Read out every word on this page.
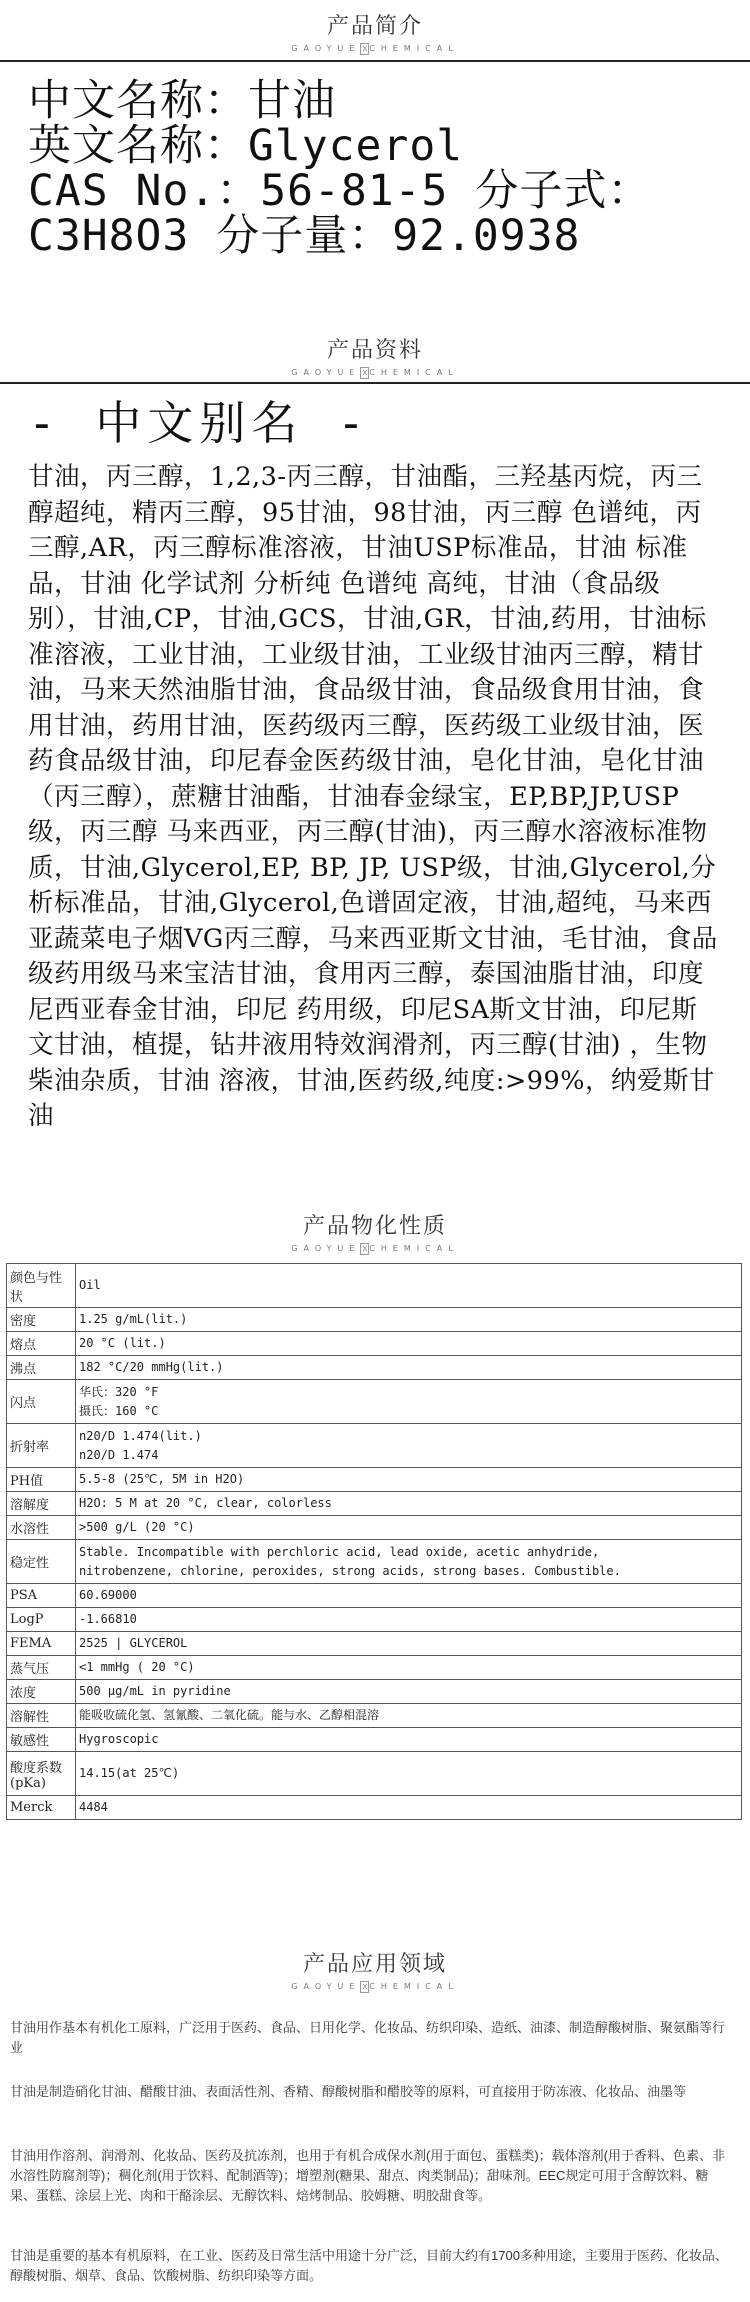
产品简介
GAOYUE X CHEMICAL
中文名称：甘油
英文名称：Glycerol
CAS No.：56-81-5 分子式：
C3H8O3 分子量：92.0938
产品资料
GAOYUE X CHEMICAL
- 中文别名 -
甘油，丙三醇，1,2,3-丙三醇，甘油酯，三羟基丙烷，丙三醇超纯，精丙三醇，95甘油，98甘油，丙三醇 色谱纯，丙三醇,AR，丙三醇标准溶液，甘油USP标准品，甘油 标准品，甘油 化学试剂 分析纯 色谱纯 高纯，甘油（食品级别），甘油,CP，甘油,GCS，甘油,GR，甘油,药用，甘油标准溶液，工业甘油，工业级甘油，工业级甘油丙三醇，精甘油，马来天然油脂甘油，食品级甘油，食品级食用甘油，食用甘油，药用甘油，医药级丙三醇，医药级工业级甘油，医药食品级甘油，印尼春金医药级甘油，皂化甘油，皂化甘油（丙三醇），蔗糖甘油酯，甘油春金绿宝，EP,BP,JP,USP级，丙三醇 马来西亚，丙三醇(甘油)，丙三醇水溶液标准物质，甘油,Glycerol,EP, BP, JP, USP级，甘油,Glycerol,分析标准品，甘油,Glycerol,色谱固定液，甘油,超纯，马来西亚蔬菜电子烟VG丙三醇，马来西亚斯文甘油，毛甘油，食品级药用级马来宝洁甘油，食用丙三醇，泰国油脂甘油，印度尼西亚春金甘油，印尼 药用级，印尼SA斯文甘油，印尼斯文甘油，植提，钻井液用特效润滑剂，丙三醇(甘油) ，生物柴油杂质，甘油 溶液，甘油,医药级,纯度:>99%，纳爱斯甘油
产品物化性质
GAOYUE X CHEMICAL
颜色与性状	Oil
密度	1.25 g/mL(lit.)
熔点	20 °C (lit.)
沸点	182 °C/20 mmHg(lit.)
闪点	华氏：320 °F
摄氏：160 °C
折射率	n20/D 1.474(lit.)
n20/D 1.474
PH值	5.5-8 (25℃, 5M in H2O)
溶解度	H2O: 5 M at 20 °C, clear, colorless
水溶性	>500 g/L (20 °C)
稳定性	Stable. Incompatible with perchloric acid, lead oxide, acetic anhydride,
nitrobenzene, chlorine, peroxides, strong acids, strong bases. Combustible.
PSA	60.69000
LogP	-1.66810
FEMA	2525 | GLYCEROL
蒸气压	<1 mmHg ( 20 °C)
浓度	500 μg/mL in pyridine
溶解性	能吸收硫化氢、氢氰酸、二氧化硫。能与水、乙醇相混溶
敏感性	Hygroscopic
酸度系数(pKa)	14.15(at 25℃)
Merck	4484
产品应用领域
GAOYUE X CHEMICAL
甘油用作基本有机化工原料，广泛用于医药、食品、日用化学、化妆品、纺织印染、造纸、油漆、制造醇酸树脂、聚氨酯等行业
甘油是制造硝化甘油、醋酸甘油、表面活性剂、香精、醇酸树脂和醋胶等的原料，可直接用于防冻液、化妆品、油墨等
甘油用作溶剂、润滑剂、化妆品、医药及抗冻剂，也用于有机合成保水剂(用于面包、蛋糕类)；载体溶剂(用于香料、色素、非水溶性防腐剂等)；稠化剂(用于饮料、配制酒等)；增塑剂(糖果、甜点、肉类制品)；甜味剂。EEC规定可用于含醇饮料、糖果、蛋糕、涂层上光、肉和干酪涂层、无醇饮料、焙烤制品、胶姆糖、明胶甜食等。
甘油是重要的基本有机原料，在工业、医药及日常生活中用途十分广泛，目前大约有1700多种用途，主要用于医药、化妆品、醇酸树脂、烟草、食品、饮酸树脂、纺织印染等方面。
